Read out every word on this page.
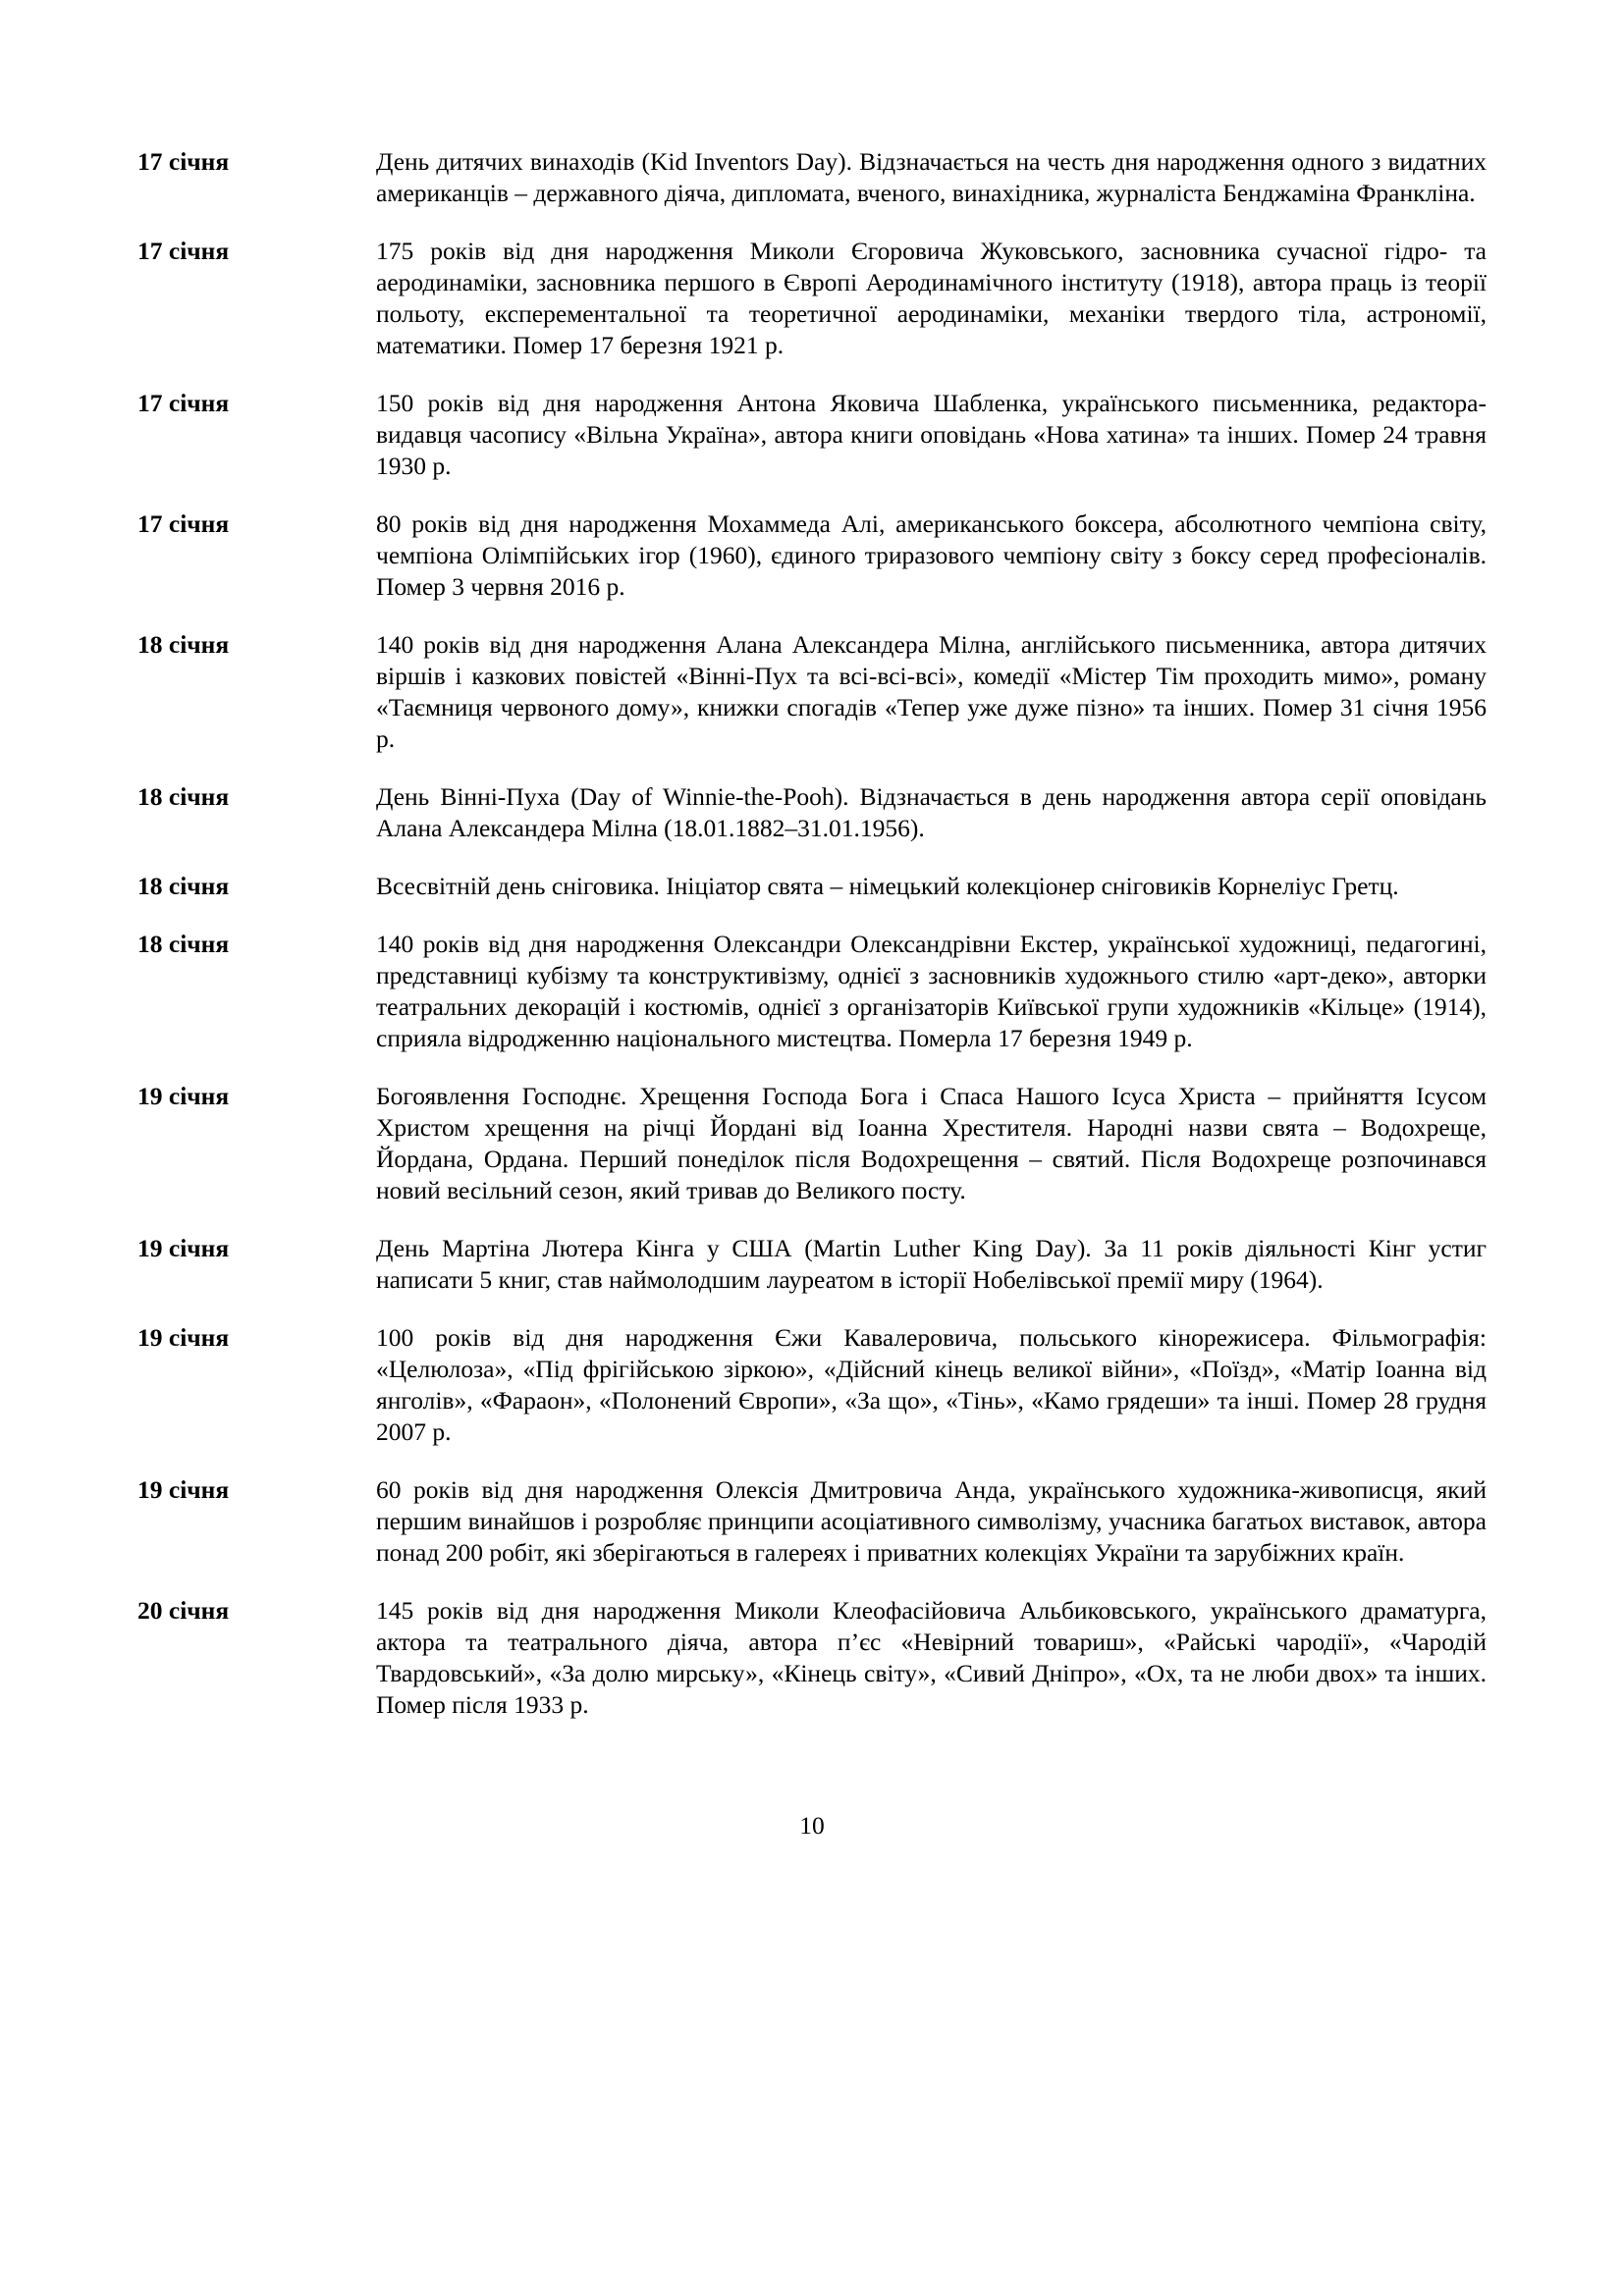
17 січня	День дитячих винаходів (Kid Inventors Day). Відзначається на честь дня народження одного з видатних американців – державного діяча, дипломата, вченого, винахідника, журналіста Бенджаміна Франкліна.

17 січня	175 років від дня народження Миколи Єгоровича Жуковського, засновника сучасної гідро- та аеродинаміки, засновника першого в Європі Аеродинамічного інституту (1918), автора праць із теорії польоту, експерементальної та теоретичної аеродинаміки, механіки твердого тіла, астрономії, математики. Помер 17 березня 1921 р.

17 січня	150 років від дня народження Антона Яковича Шабленка, українського письменника, редактора-видавця часопису «Вільна Україна», автора книги оповідань «Нова хатина» та інших. Помер 24 травня 1930 р.

17 січня	80 років від дня народження Мохаммеда Алі, американського боксера, абсолютного чемпіона світу, чемпіона Олімпійських ігор (1960), єдиного триразового чемпіону світу з боксу серед професіоналів. Помер 3 червня 2016 р.

18 січня	140 років від дня народження Алана Александера Мілна, англійського письменника, автора дитячих віршів і казкових повістей «Вінні-Пух та всі-всі-всі», комедії «Містер Тім проходить мимо», роману «Таємниця червоного дому», книжки спогадів «Тепер уже дуже пізно» та інших. Помер 31 січня 1956 р.

18 січня	День Вінні-Пуха (Day of Winnie-the-Pooh). Відзначається в день народження автора серії оповідань Алана Александера Мілна (18.01.1882–31.01.1956).

18 січня	Всесвітній день сніговика. Ініціатор свята – німецький колекціонер сніговиків Корнеліус Гретц.

18 січня	140 років від дня народження Олександри Олександрівни Екстер, української художниці, педагогині, представниці кубізму та конструктивізму, однієї з засновників художнього стилю «арт-деко», авторки театральних декорацій і костюмів, однієї з організаторів Київської групи художників «Кільце» (1914), сприяла відродженню національного мистецтва. Померла 17 березня 1949 р.

19 січня	Богоявлення Господнє. Хрещення Господа Бога і Спаса Нашого Ісуса Христа – прийняття Ісусом Христом хрещення на річці Йордані від Іоанна Хрестителя. Народні назви свята – Водохреще, Йордана, Ордана. Перший понеділок після Водохрещення – святий. Після Водохреще розпочинався новий весільний сезон, який тривав до Великого посту.

19 січня	День Мартіна Лютера Кінга у США (Martin Luther King Day). За 11 років діяльності Кінг устиг написати 5 книг, став наймолодшим лауреатом в історії Нобелівської премії миру (1964).

19 січня	100 років від дня народження Єжи Кавалеровича, польського кінорежисера. Фільмографія: «Целюлоза», «Під фрігійською зіркою», «Дійсний кінець великої війни», «Поїзд», «Матір Іоанна від янголів», «Фараон», «Полонений Європи», «За що», «Тінь», «Камо грядеши» та інші. Помер 28 грудня 2007 р.

19 січня	60 років від дня народження Олексія Дмитровича Анда, українського художника-живописця, який першим винайшов і розробляє принципи асоціативного символізму, учасника багатьох виставок, автора понад 200 робіт, які зберігаються в галереях і приватних колекціях України та зарубіжних країн.

20 січня	145 років від дня народження Миколи Клеофасійовича Альбиковського, українського драматурга, актора та театрального діяча, автора п’єс «Невірний товариш», «Райські чародії», «Чародій Твардовський», «За долю мирську», «Кінець світу», «Сивий Дніпро», «Ох, та не люби двох» та інших. Помер після 1933 р.

10
